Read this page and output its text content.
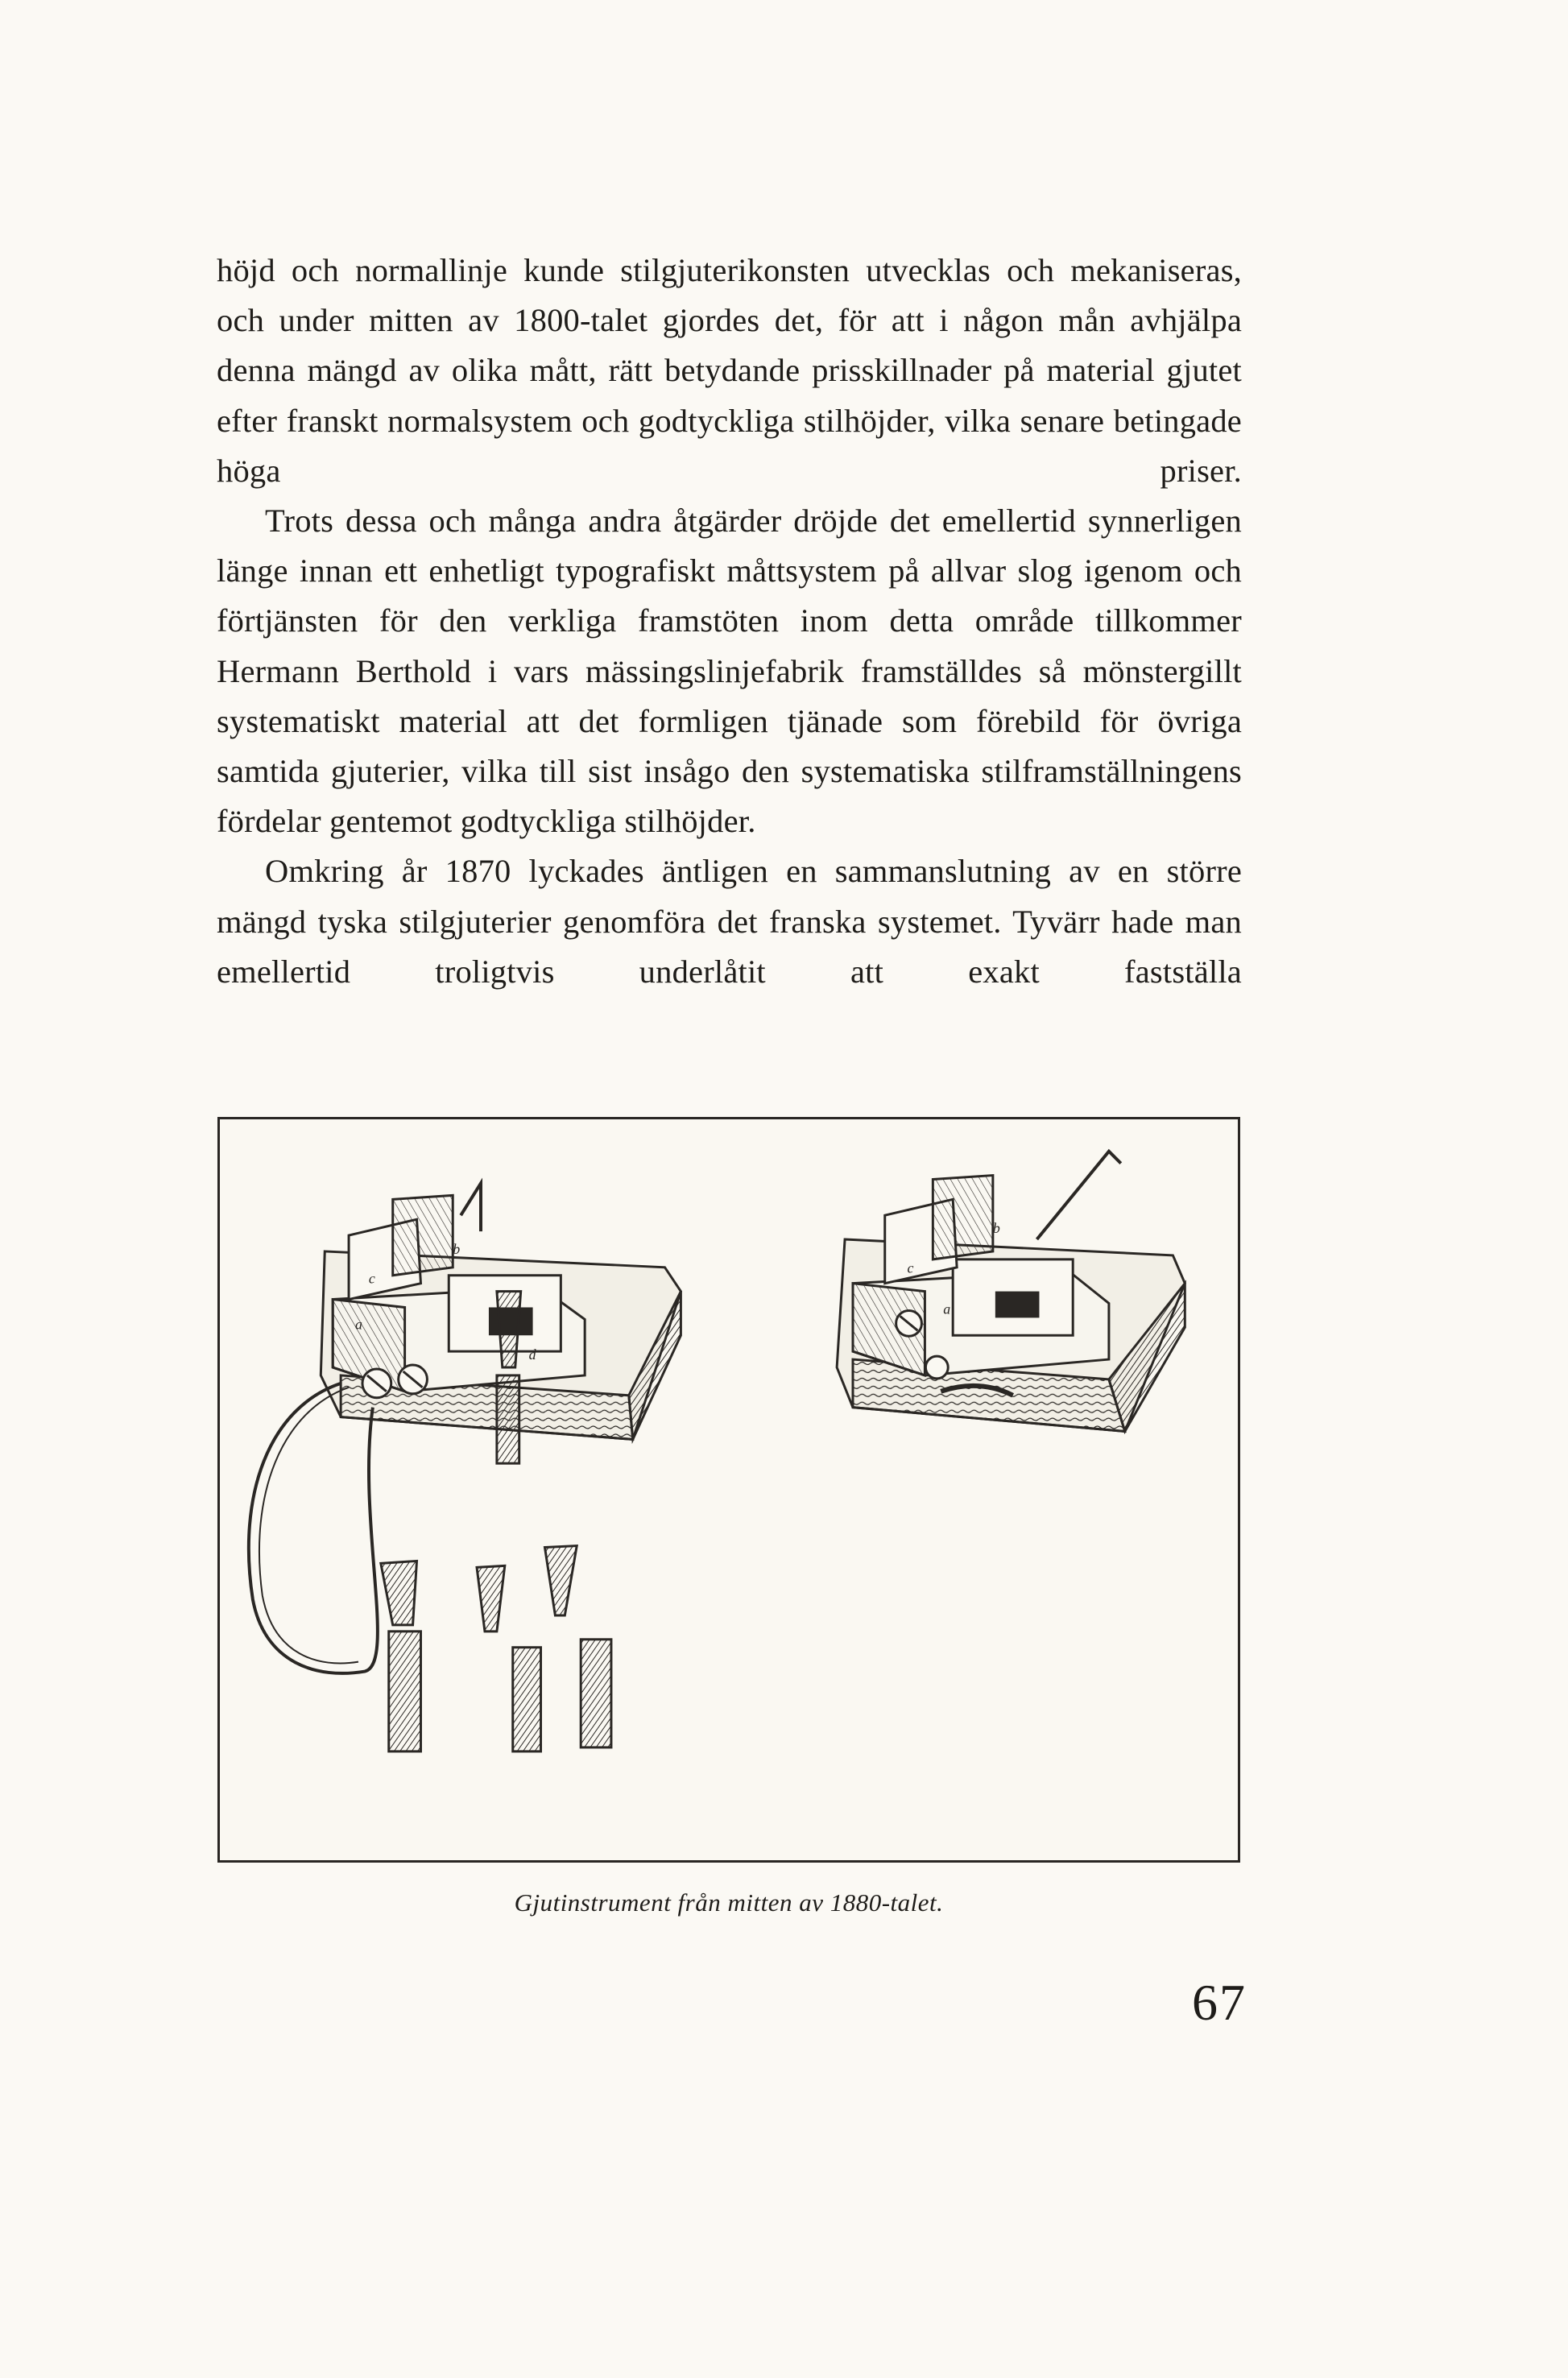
höjd och normallinje kunde stilgjuterikonsten utvecklas och mekaniseras, och under mitten av 1800-talet gjordes det, för att i någon mån avhjälpa denna mängd av olika mått, rätt betydande prisskillnader på material gjutet efter franskt normalsystem och godtyckliga stilhöjder, vilka senare betingade höga priser.

Trots dessa och många andra åtgärder dröjde det emellertid synnerligen länge innan ett enhetligt typografiskt måttsystem på allvar slog igenom och förtjänsten för den verkliga framstöten inom detta område tillkommer Hermann Berthold i vars mässingslinjefabrik framställdes så mönstergillt systematiskt material att det formligen tjänade som förebild för övriga samtida gjuterier, vilka till sist insågo den systematiska stilframställningens fördelar gentemot godtyckliga stilhöjder.

Omkring år 1870 lyckades äntligen en sammanslutning av en större mängd tyska stilgjuterier genomföra det franska systemet. Tyvärr hade man emellertid troligtvis underlåtit att exakt fastställa

b
c
a
d
b
c
a
Gjutinstrument från mitten av 1880-talet.
67
